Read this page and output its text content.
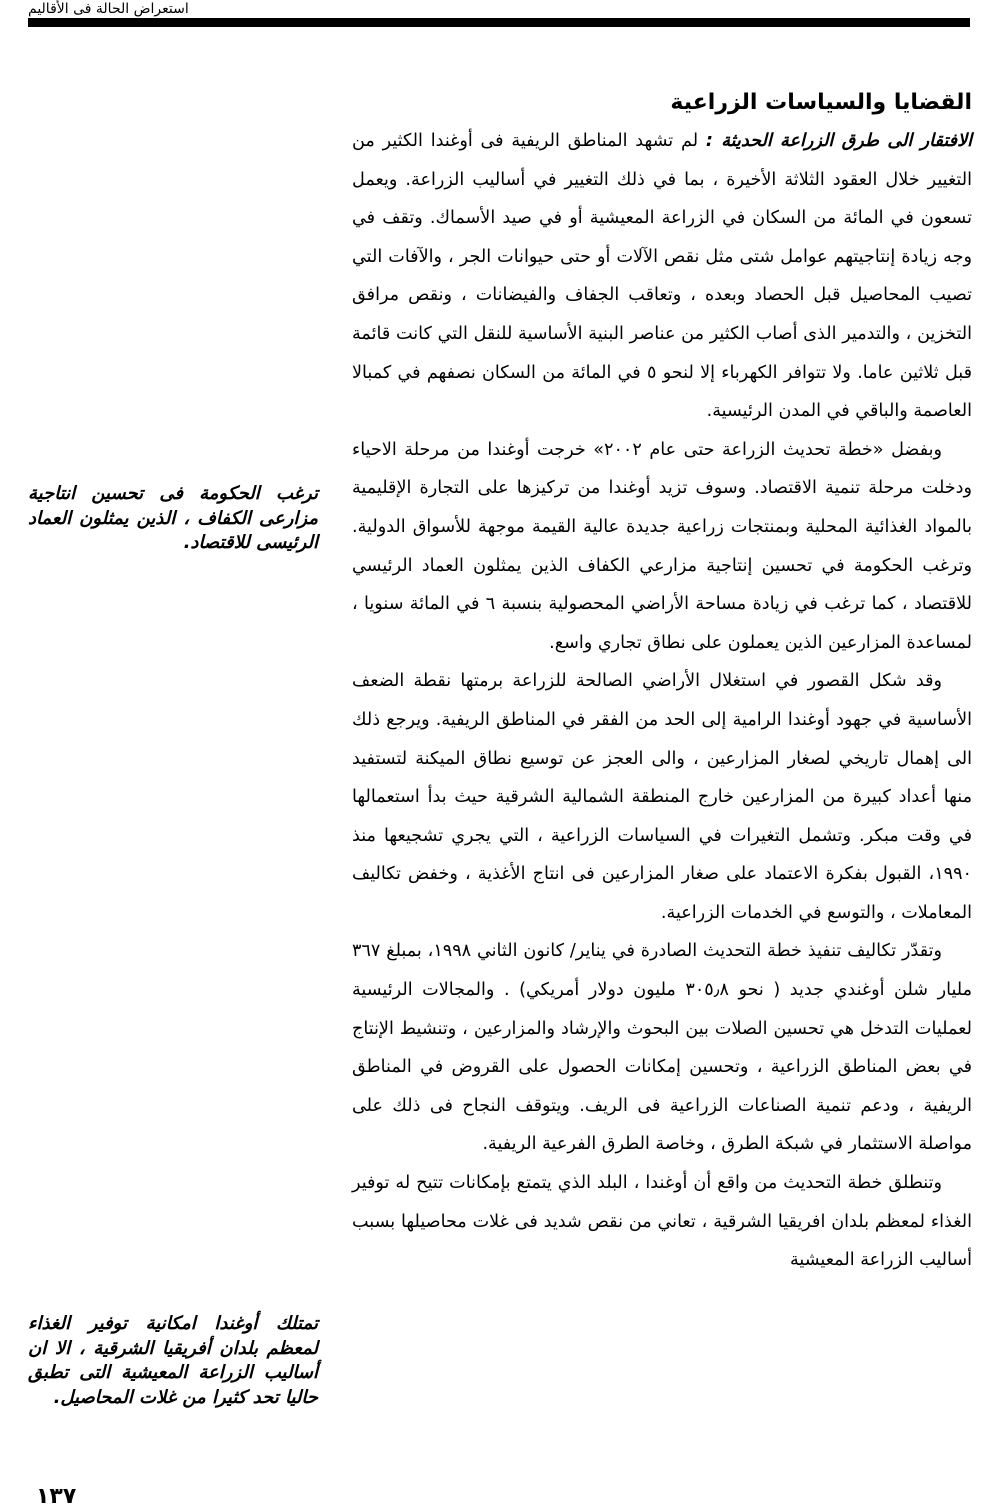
استعراض الحالة فى الأقاليم
القضايا والسياسات الزراعية

الافتقار الى طرق الزراعة الحديثة : لم تشهد المناطق الريفية فى أوغندا الكثير من التغيير خلال العقود الثلاثة الأخيرة ، بما في ذلك التغيير في أساليب الزراعة. ويعمل تسعون في المائة من السكان في الزراعة المعيشية أو في صيد الأسماك. وتقف في وجه زيادة إنتاجيتهم عوامل شتى مثل نقص الآلات أو حتى حيوانات الجر ، والآفات التي تصيب المحاصيل قبل الحصاد وبعده ، وتعاقب الجفاف والفيضانات ، ونقص مرافق التخزين ، والتدمير الذى أصاب الكثير من عناصر البنية الأساسية للنقل التي كانت قائمة قبل ثلاثين عاما. ولا تتوافر الكهرباء إلا لنحو ٥ في المائة من السكان نصفهم في كمبالا العاصمة والباقي في المدن الرئيسية.

وبفضل «خطة تحديث الزراعة حتى عام ٢٠٠٢» خرجت أوغندا من مرحلة الاحياء ودخلت مرحلة تنمية الاقتصاد. وسوف تزيد أوغندا من تركيزها على التجارة الإقليمية بالمواد الغذائية المحلية وبمنتجات زراعية جديدة عالية القيمة موجهة للأسواق الدولية. وترغب الحكومة في تحسين إنتاجية مزارعي الكفاف الذين يمثلون العماد الرئيسي للاقتصاد ، كما ترغب في زيادة مساحة الأراضي المحصولية بنسبة ٦ في المائة سنويا ، لمساعدة المزارعين الذين يعملون على نطاق تجاري واسع.

وقد شكل القصور في استغلال الأراضي الصالحة للزراعة برمتها نقطة الضعف الأساسية في جهود أوغندا الرامية إلى الحد من الفقر في المناطق الريفية. ويرجع ذلك الى إهمال تاريخي لصغار المزارعين ، والى العجز عن توسيع نطاق الميكنة لتستفيد منها أعداد كبيرة من المزارعين خارج المنطقة الشمالية الشرقية حيث بدأ استعمالها في وقت مبكر. وتشمل التغيرات في السياسات الزراعية ، التي يجري تشجيعها منذ ١٩٩٠، القبول بفكرة الاعتماد على صغار المزارعين فى انتاج الأغذية ، وخفض تكاليف المعاملات ، والتوسع في الخدمات الزراعية.

وتقدّر تكاليف تنفيذ خطة التحديث الصادرة في يناير/ كانون الثاني ١٩٩٨، بمبلغ ٣٦٧ مليار شلن أوغندي جديد ( نحو ٣٠٥٫٨ مليون دولار أمريكي) . والمجالات الرئيسية لعمليات التدخل هي تحسين الصلات بين البحوث والإرشاد والمزارعين ، وتنشيط الإنتاج في بعض المناطق الزراعية ، وتحسين إمكانات الحصول على القروض في المناطق الريفية ، ودعم تنمية الصناعات الزراعية فى الريف. ويتوقف النجاح فى ذلك على مواصلة الاستثمار في شبكة الطرق ، وخاصة الطرق الفرعية الريفية.

وتنطلق خطة التحديث من واقع أن أوغندا ، البلد الذي يتمتع بإمكانات تتيح له توفير الغذاء لمعظم بلدان افريقيا الشرقية ، تعاني من نقص شديد فى غلات محاصيلها بسبب أساليب الزراعة المعيشية

ترغب الحكومة فى تحسين انتاجية مزارعى الكفاف ، الذين يمثلون العماد الرئيسى للاقتصاد.
تمتلك أوغندا امكانية توفير الغذاء لمعظم بلدان أفريقيا الشرقية ، الا ان أساليب الزراعة المعيشية التى تطبق حاليا تحد كثيرا من غلات المحاصيل.
١٣٧
